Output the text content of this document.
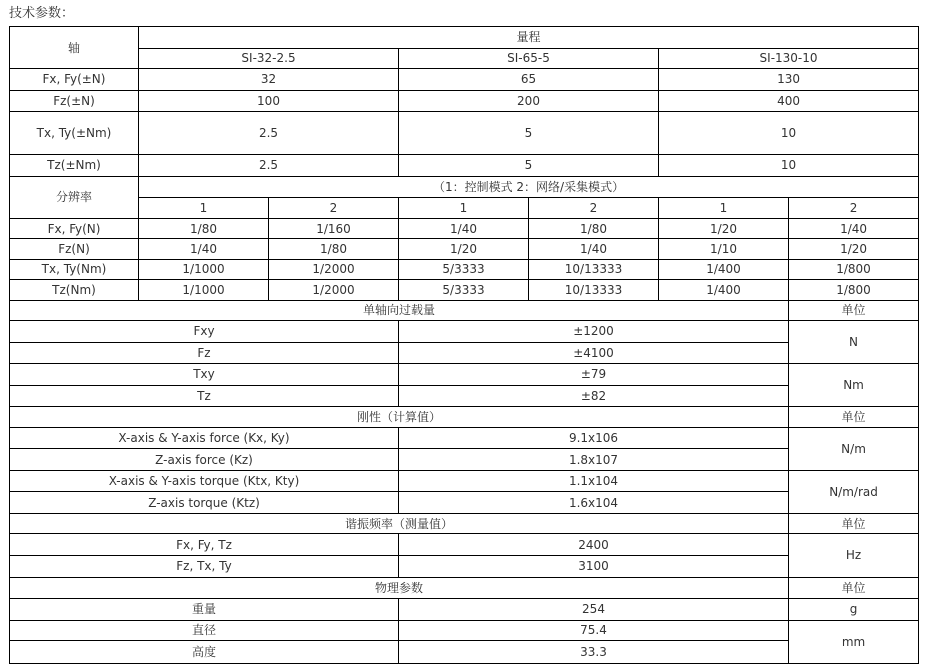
技术参数：
轴	量程					
	SI-32-2.5		SI-65-5		SI-130-10	
Fx, Fy(±N)	32		65		130	
Fz(±N)	100		200		400	
Tx, Ty(±Nm)	2.5		5		10	
Tz(±Nm)	2.5		5		10	
分辨率	（1：控制模式 2：网络/采集模式）					
	1	2	1	2	1	2
Fx, Fy(N)	1/80	1/160	1/40	1/80	1/20	1/40
Fz(N)	1/40	1/80	1/20	1/40	1/10	1/20
Tx, Ty(Nm)	1/1000	1/2000	5/3333	10/13333	1/400	1/800
Tz(Nm)	1/1000	1/2000	5/3333	10/13333	1/400	1/800
单轴向过载量						单位
Fxy			±1200			N
Fz			±4100			
Txy			±79			Nm
Tz			±82			
刚性（计算值）						单位
X-axis & Y-axis force (Kx, Ky)			9.1x106			N/m
Z-axis force (Kz)			1.8x107			
X-axis & Y-axis torque (Ktx, Kty)			1.1x104			N/m/rad
Z-axis torque (Ktz)			1.6x104			
谐振频率（测量值）						单位
Fx, Fy, Tz			2400			Hz
Fz, Tx, Ty			3100			
物理参数						单位
重量			254			g
直径			75.4			mm
高度			33.3			
